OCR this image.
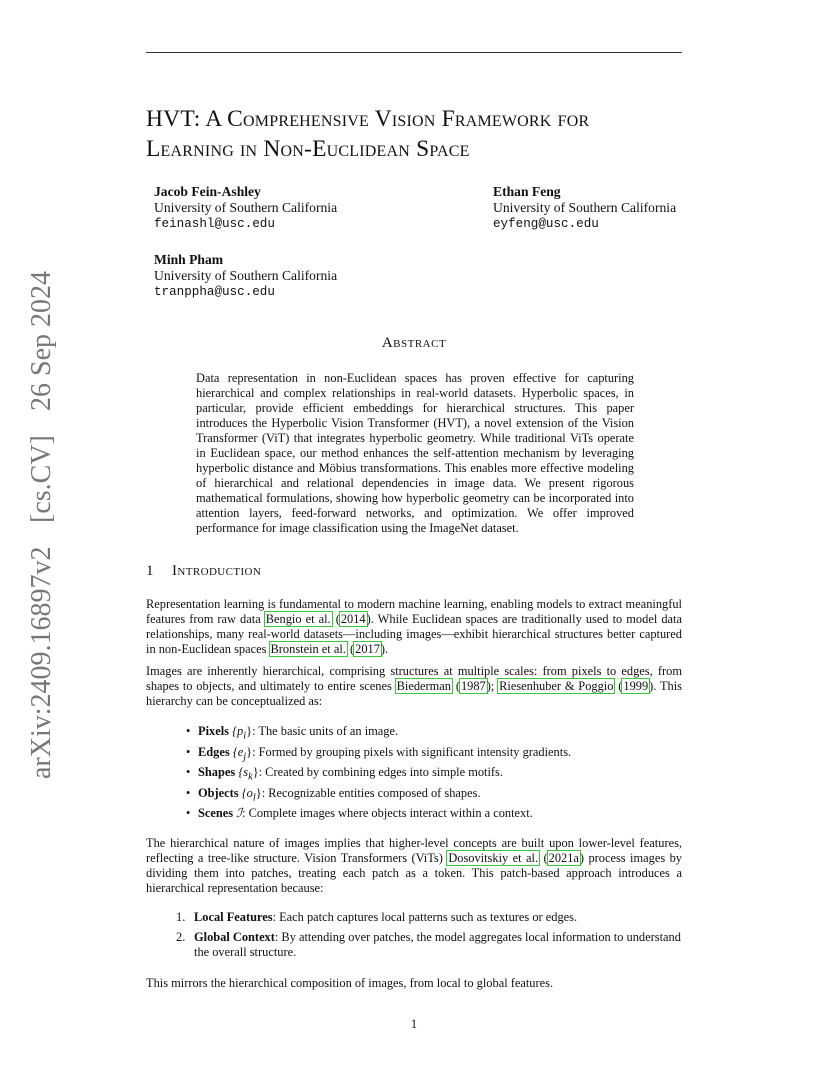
arXiv:2409.16897v2
[cs.CV]
26 Sep 2024
HVT: A Comprehensive Vision Framework for
Learning in Non-Euclidean Space
Jacob Fein-Ashley
University of Southern California
feinashl@usc.edu
Ethan Feng
University of Southern California
eyfeng@usc.edu
Minh Pham
University of Southern California
tranppha@usc.edu
Abstract
Data representation in non-Euclidean spaces has proven effective for capturing hierarchical and complex relationships in real-world datasets. Hyperbolic spaces, in particular, provide efficient embeddings for hierarchical structures. This paper introduces the Hyperbolic Vision Transformer (HVT), a novel extension of the Vision Transformer (ViT) that integrates hyperbolic geometry. While traditional ViTs operate in Euclidean space, our method enhances the self-attention mechanism by leveraging hyperbolic distance and Möbius transformations. This enables more effective modeling of hierarchical and relational dependencies in image data. We present rigorous mathematical formulations, showing how hyperbolic geometry can be incorporated into attention layers, feed-forward networks, and optimization. We offer improved performance for image classification using the ImageNet dataset.
1 Introduction
Representation learning is fundamental to modern machine learning, enabling models to extract meaningful features from raw data Bengio et al. (2014). While Euclidean spaces are traditionally used to model data relationships, many real-world datasets—including images—exhibit hierarchical structures better captured in non-Euclidean spaces Bronstein et al. (2017).
Images are inherently hierarchical, comprising structures at multiple scales: from pixels to edges, from shapes to objects, and ultimately to entire scenes Biederman (1987); Riesenhuber & Poggio (1999). This hierarchy can be conceptualized as:
• Pixels $\{p_i\}$: The basic units of an image.
• Edges $\{e_j\}$: Formed by grouping pixels with significant intensity gradients.
• Shapes $\{s_k\}$: Created by combining edges into simple motifs.
• Objects $\{o_l\}$: Recognizable entities composed of shapes.
• Scenes ℐ: Complete images where objects interact within a context.
The hierarchical nature of images implies that higher-level concepts are built upon lower-level features, reflecting a tree-like structure. Vision Transformers (ViTs) Dosovitskiy et al. (2021a) process images by dividing them into patches, treating each patch as a token. This patch-based approach introduces a hierarchical representation because:
1. Local Features: Each patch captures local patterns such as textures or edges.
2. Global Context: By attending over patches, the model aggregates local information to understand the overall structure.
This mirrors the hierarchical composition of images, from local to global features.
1
